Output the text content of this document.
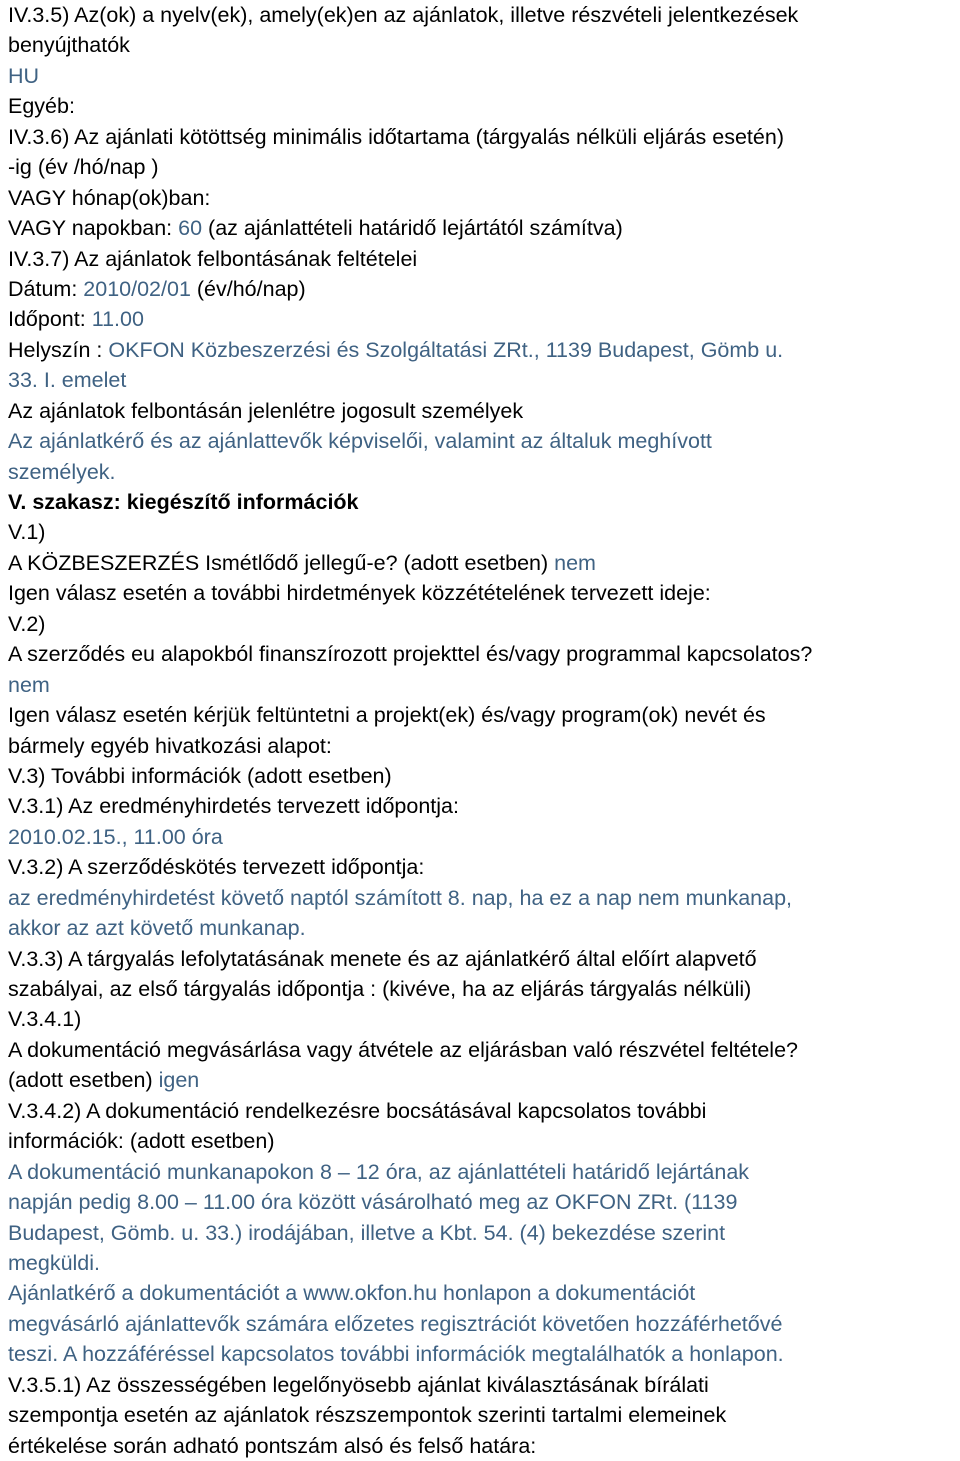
IV.3.5) Az(ok) a nyelv(ek), amely(ek)en az ajánlatok, illetve részvételi jelentkezések
benyújthatók
HU
Egyéb:
IV.3.6) Az ajánlati kötöttség minimális időtartama (tárgyalás nélküli eljárás esetén)
-ig (év /hó/nap )
VAGY hónap(ok)ban:
VAGY napokban: 60 (az ajánlattételi határidő lejártától számítva)
IV.3.7) Az ajánlatok felbontásának feltételei
Dátum: 2010/02/01 (év/hó/nap)
Időpont: 11.00
Helyszín : OKFON Közbeszerzési és Szolgáltatási ZRt., 1139 Budapest, Gömb u.
33. I. emelet
Az ajánlatok felbontásán jelenlétre jogosult személyek
Az ajánlatkérő és az ajánlattevők képviselői, valamint az általuk meghívott
személyek.
V. szakasz: kiegészítő információk
V.1)
A KÖZBESZERZÉS Ismétlődő jellegű-e? (adott esetben) nem
Igen válasz esetén a további hirdetmények közzétételének tervezett ideje:
V.2)
A szerződés eu alapokból finanszírozott projekttel és/vagy programmal kapcsolatos?
nem
Igen válasz esetén kérjük feltüntetni a projekt(ek) és/vagy program(ok) nevét és
bármely egyéb hivatkozási alapot:
V.3) További információk (adott esetben)
V.3.1) Az eredményhirdetés tervezett időpontja:
2010.02.15., 11.00 óra
V.3.2) A szerződéskötés tervezett időpontja:
az eredményhirdetést követő naptól számított 8. nap, ha ez a nap nem munkanap,
akkor az azt követő munkanap.
V.3.3) A tárgyalás lefolytatásának menete és az ajánlatkérő által előírt alapvető
szabályai, az első tárgyalás időpontja : (kivéve, ha az eljárás tárgyalás nélküli)
V.3.4.1)
A dokumentáció megvásárlása vagy átvétele az eljárásban való részvétel feltétele?
(adott esetben) igen
V.3.4.2) A dokumentáció rendelkezésre bocsátásával kapcsolatos további
információk: (adott esetben)
A dokumentáció munkanapokon 8 – 12 óra, az ajánlattételi határidő lejártának
napján pedig 8.00 – 11.00 óra között vásárolható meg az OKFON ZRt. (1139
Budapest, Gömb. u. 33.) irodájában, illetve a Kbt. 54. (4) bekezdése szerint
megküldi.
Ajánlatkérő a dokumentációt a www.okfon.hu honlapon a dokumentációt
megvásárló ajánlattevők számára előzetes regisztrációt követően hozzáférhetővé
teszi. A hozzáféréssel kapcsolatos további információk megtalálhatók a honlapon.
V.3.5.1) Az összességében legelőnyösebb ajánlat kiválasztásának bírálati
szempontja esetén az ajánlatok részszempontok szerinti tartalmi elemeinek
értékelése során adható pontszám alsó és felső határa:
